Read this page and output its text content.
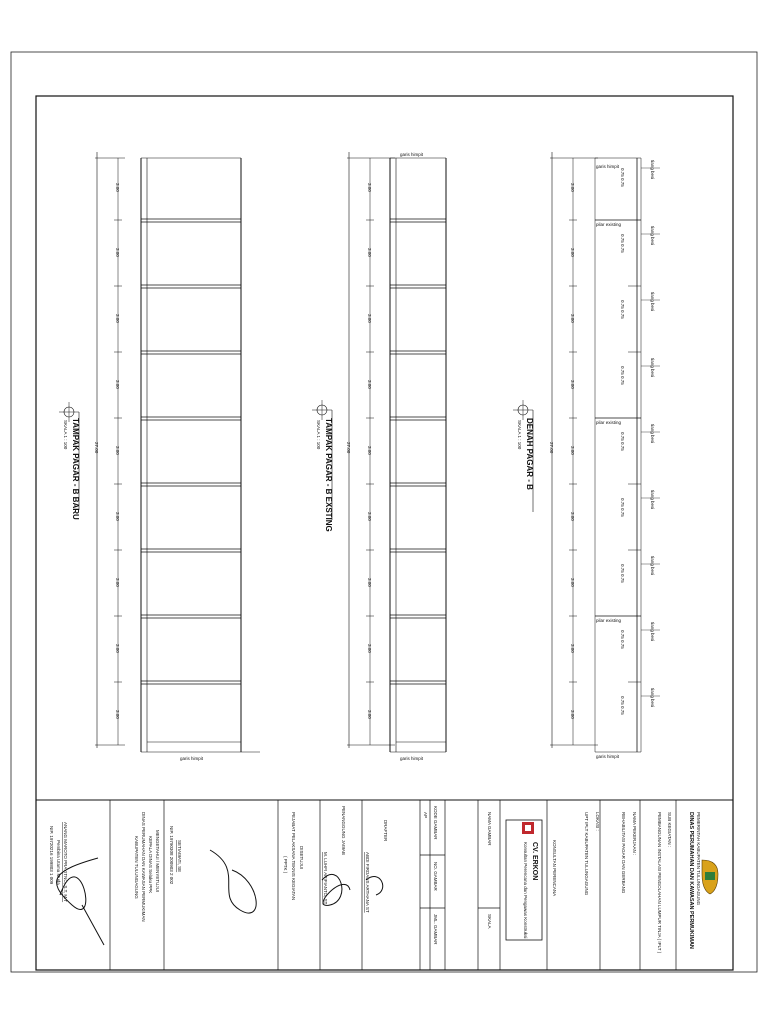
TAMPAK PAGAR - B BARU
SKALA 1 : 100	TAMPAK PAGAR - B EXSTING
SKALA 1 : 100	DENAH PAGAR - B
SKALA 1 : 100
27.00	27.00	27.00
3.00
3.00
3.00
3.00
3.00
3.00
3.00
3.00
3.00
3.00
3.00
3.00
3.00
3.00
3.00
3.00
3.00
3.00
3.00
3.00
3.00
3.00
3.00
3.00
3.00
3.00
3.00
garis himpit
garis himpit
garis himpit
garis himpit
garis himpit
pilar existing
pilar existing
pilar existing
0.75 0.75
0.75 0.75
0.75 0.75
0.75 0.75
0.75 0.75
0.75 0.75
0.75 0.75
0.75 0.75
0.75 0.75
tiang besi
tiang besi
tiang besi
tiang besi
tiang besi
tiang besi
tiang besi
tiang besi
tiang besi
PEMERINTAH KABUPATEN TULUNGAGUNG
DINAS PERUMAHAN DAN KAWASAN PERMUKIMAN
SUB KEGIATAN :
PEMBANGUNAN INSTALASI PENGOLAHAN LUMPUR TINJA ( IPLT )
NAMA PEKERJAAN :
REHABILITASI PAGAR DAN GERBANG
LOKASI :
UPT IPLT KABUPATEN TULUNGAGUNG
KONSULTAN PERENCANA
CV. ERKON
Konsultan Perencana dan Pengawas Konstruksi
NAMA GAMBAR
SKALA
KODE GAMBAR
NO. GAMBAR
JML. GAMBAR
AP
DRAFTER
ABDI FIRDAUS ARTHANA ST
PENANGGUNG JAWAB
M. LUHFI ARIFIANTO, ST
DISETUJUI
PEJABAT PELAKSANA TEKNIS KEGIATAN
( PPTK )
SETIAWATI, SE
NIP. 19790308 200903 2 002
MENGETAHUI / MENYETUJUI
KEPALA DINAS Selaku PPK
DINAS PERUMAHAN DAN KAWASAN PERMUKIMAN
KABUPATEN TULUNGAGUNG
ANANG MAROTO PRAYITNO, S.T, M.T
Pembina Utama Muda
NIP. 19720216 199803 1 009
